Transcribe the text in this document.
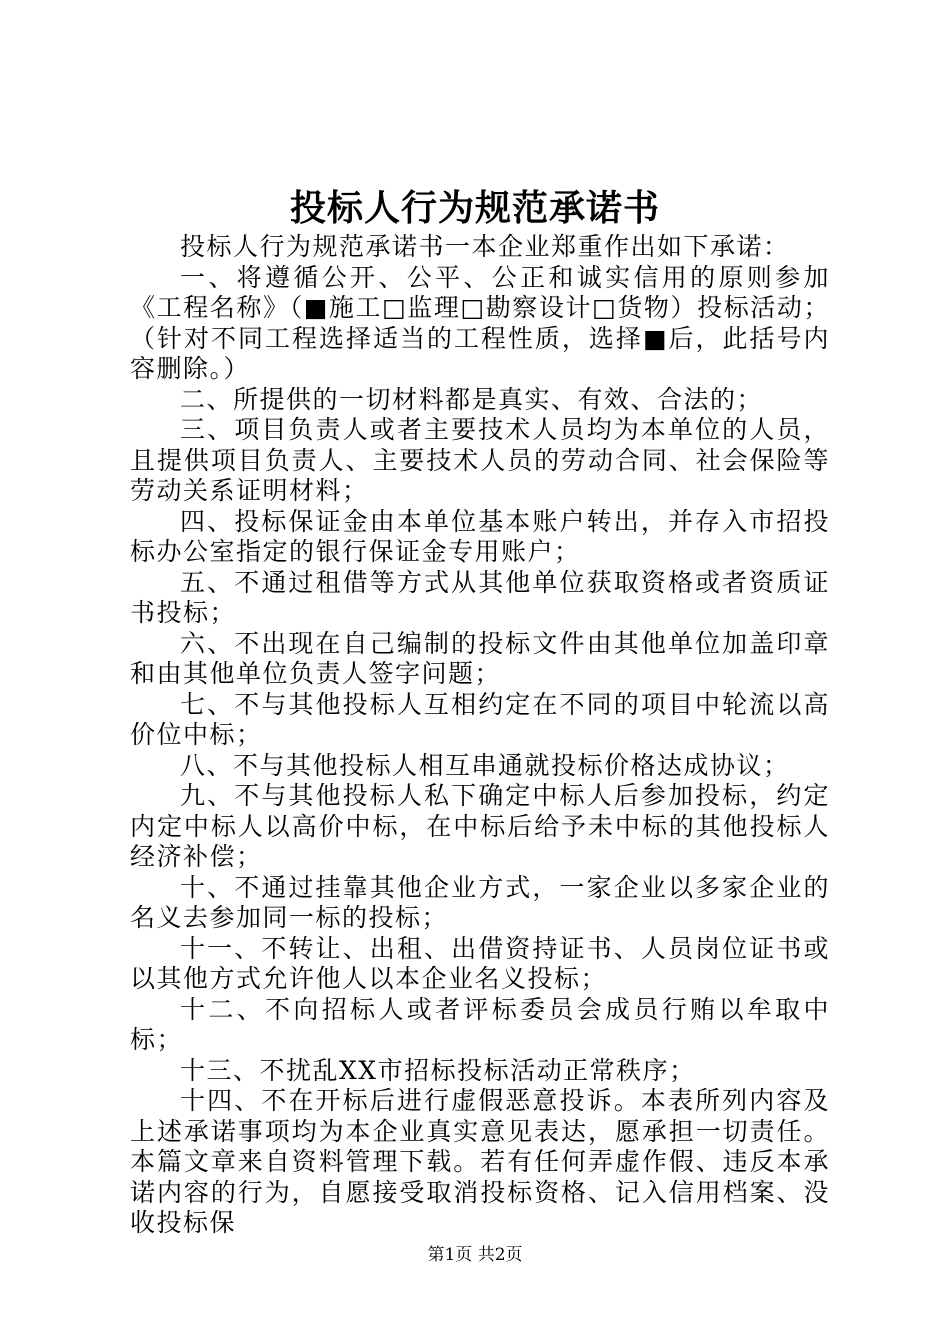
投标人行为规范承诺书

投标人行为规范承诺书一本企业郑重作出如下承诺：

一、将遵循公开、公平、公正和诚实信用的原则参加《工程名称》（■施工□监理□勘察设计□货物）投标活动；（针对不同工程选择适当的工程性质，选择■后，此括号内容删除。）

二、所提供的一切材料都是真实、有效、合法的；

三、项目负责人或者主要技术人员均为本单位的人员，且提供项目负责人、主要技术人员的劳动合同、社会保险等劳动关系证明材料；

四、投标保证金由本单位基本账户转出，并存入市招投标办公室指定的银行保证金专用账户；

五、不通过租借等方式从其他单位获取资格或者资质证书投标；

六、不出现在自己编制的投标文件由其他单位加盖印章和由其他单位负责人签字问题；

七、不与其他投标人互相约定在不同的项目中轮流以高价位中标；

八、不与其他投标人相互串通就投标价格达成协议；

九、不与其他投标人私下确定中标人后参加投标，约定内定中标人以高价中标，在中标后给予未中标的其他投标人经济补偿；

十、不通过挂靠其他企业方式，一家企业以多家企业的名义去参加同一标的投标；

十一、不转让、出租、出借资持证书、人员岗位证书或以其他方式允许他人以本企业名义投标；

十二、不向招标人或者评标委员会成员行贿以牟取中标；

十三、不扰乱XX市招标投标活动正常秩序；

十四、不在开标后进行虚假恶意投诉。本表所列内容及上述承诺事项均为本企业真实意见表达，愿承担一切责任。本篇文章来自资料管理下载。若有任何弄虚作假、违反本承诺内容的行为，自愿接受取消投标资格、记入信用档案、没收投标保

第1页 共2页
